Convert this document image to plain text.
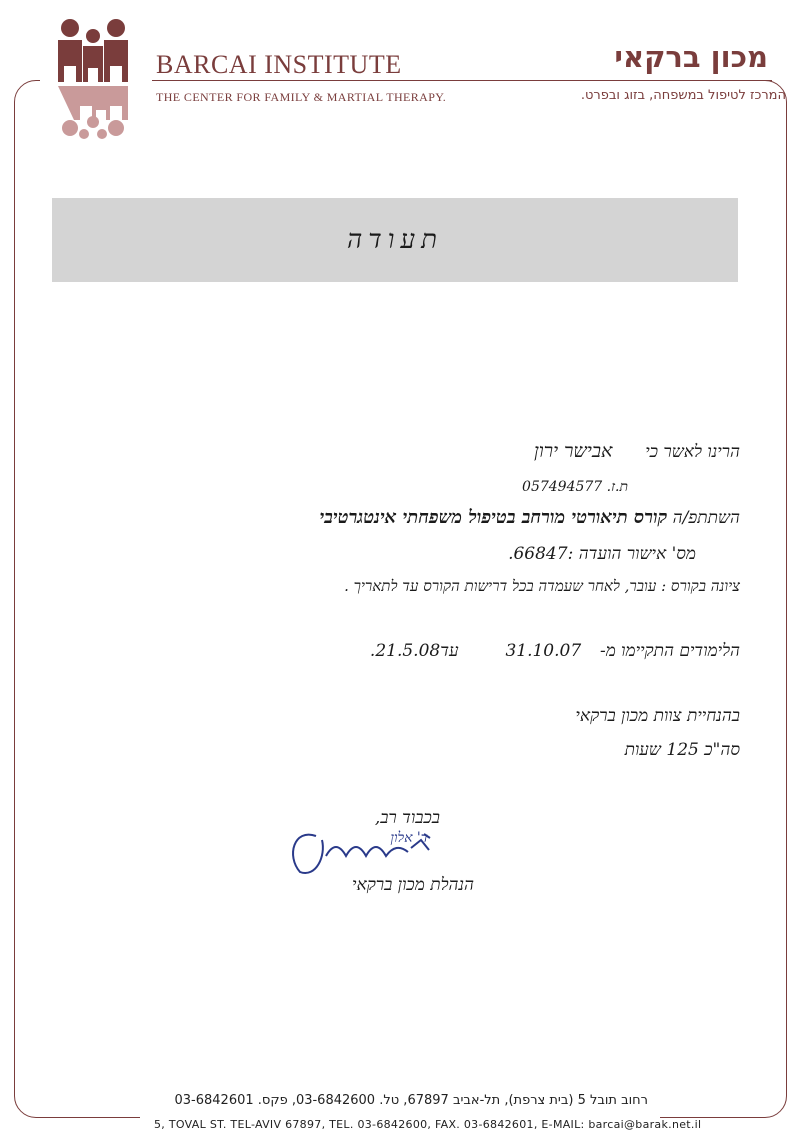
BARCAI INSTITUTE
THE CENTER FOR FAMILY & MARTIAL THERAPY.
מכון ברקאי
המרכז לטיפול במשפחה, בזוג ובפרט.
תעודה
הרינו לאשר כי  אבישר ירון
ת.ז. 057494577
השתתפ/ה קורס תיאורטי מורחב בטיפול משפחתי אינטגרטיבי
מס' אישור הועדה :66847.
ציונה בקורס : עובר, לאחר שעמדה בכל דרישות הקורס עד לתאריך .
הלימודים התקיימו מ-  31.10.07  עד21.5.08.
בהנחיית צוות מכון ברקאי
סה"כ 125 שעות
בכבוד רב,
ד' אלון
הנהלת מכון ברקאי
רחוב תובל 5 (בית צרפת), תל-אביב 67897, טל. 03-6842600, פקס. 03-6842601
5, TOVAL ST. TEL-AVIV 67897, TEL. 03-6842600, FAX. 03-6842601, E-MAIL: barcai@barak.net.il
